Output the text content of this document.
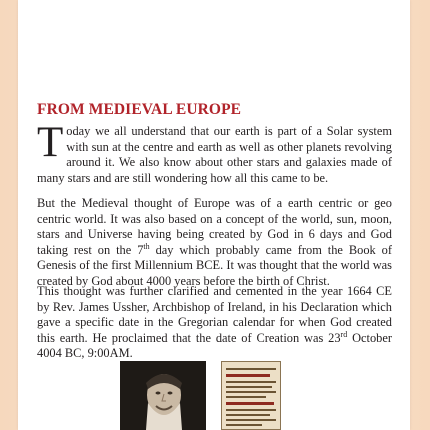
FROM MEDIEVAL EUROPE

Today we all understand that our earth is part of a Solar system with sun at the centre and earth as well as other planets revolving around it. We also know about other stars and galaxies made of many stars and are still wondering how all this came to be.

But the Medieval thought of Europe was of a earth centric or geo centric world. It was also based on a concept of the world, sun, moon, stars and Universe having being created by God in 6 days and God taking rest on the 7th day which probably came from the Book of Genesis of the first Millennium BCE. It was thought that the world was created by God about 4000 years before the birth of Christ.

This thought was further clarified and cemented in the year 1664 CE by Rev. James Ussher, Archbishop of Ireland, in his Declaration which gave a specific date in the Gregorian calendar for when God created this earth. He proclaimed that the date of Creation was 23rd October 4004 BC, 9:00AM.
